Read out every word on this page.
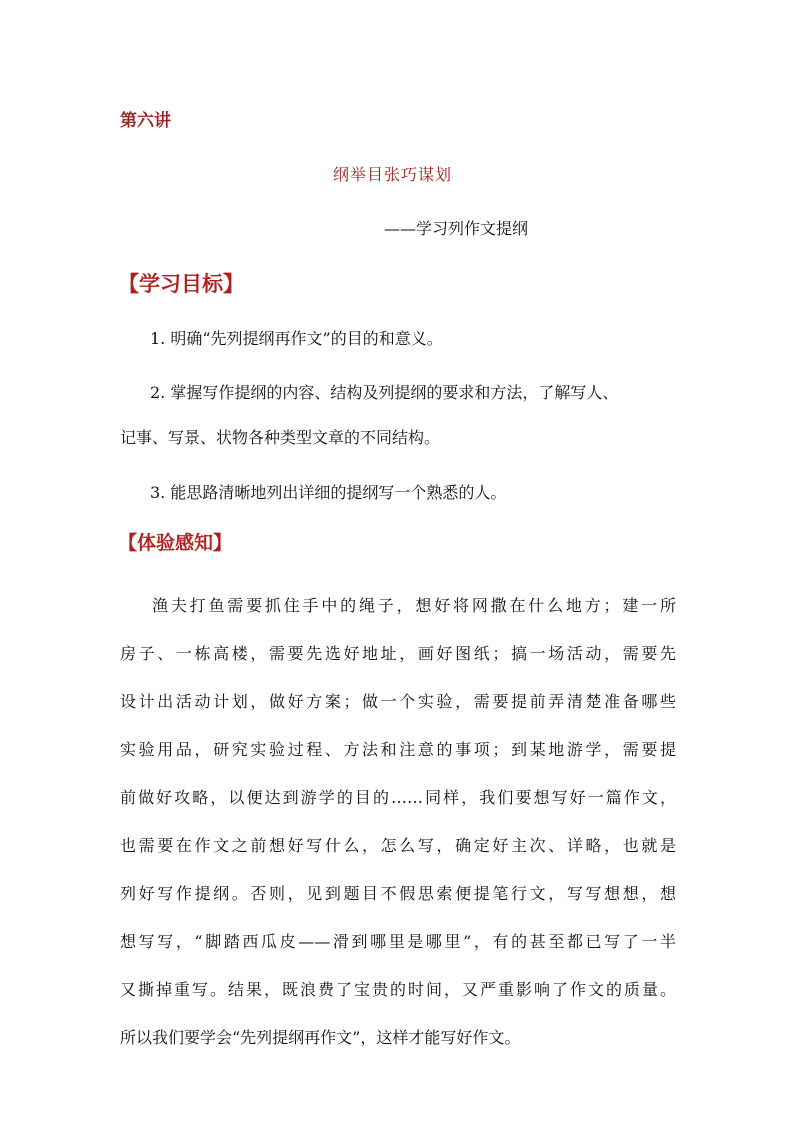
第六讲
纲举目张巧谋划
——学习列作文提纲
【学习目标】
1. 明确“先列提纲再作文”的目的和意义。
2. 掌握写作提纲的内容、结构及列提纲的要求和方法，了解写人、
记事、写景、状物各种类型文章的不同结构。
3. 能思路清晰地列出详细的提纲写一个熟悉的人。
【体验感知】
渔夫打鱼需要抓住手中的绳子，想好将网撒在什么地方；建一所
房子、一栋高楼，需要先选好地址，画好图纸；搞一场活动，需要先
设计出活动计划，做好方案；做一个实验，需要提前弄清楚准备哪些
实验用品，研究实验过程、方法和注意的事项；到某地游学，需要提
前做好攻略，以便达到游学的目的……同样，我们要想写好一篇作文，
也需要在作文之前想好写什么，怎么写，确定好主次、详略，也就是
列好写作提纲。否则，见到题目不假思索便提笔行文，写写想想，想
想写写，“脚踏西瓜皮——滑到哪里是哪里”，有的甚至都已写了一半
又撕掉重写。结果，既浪费了宝贵的时间，又严重影响了作文的质量。
所以我们要学会“先列提纲再作文”，这样才能写好作文。
